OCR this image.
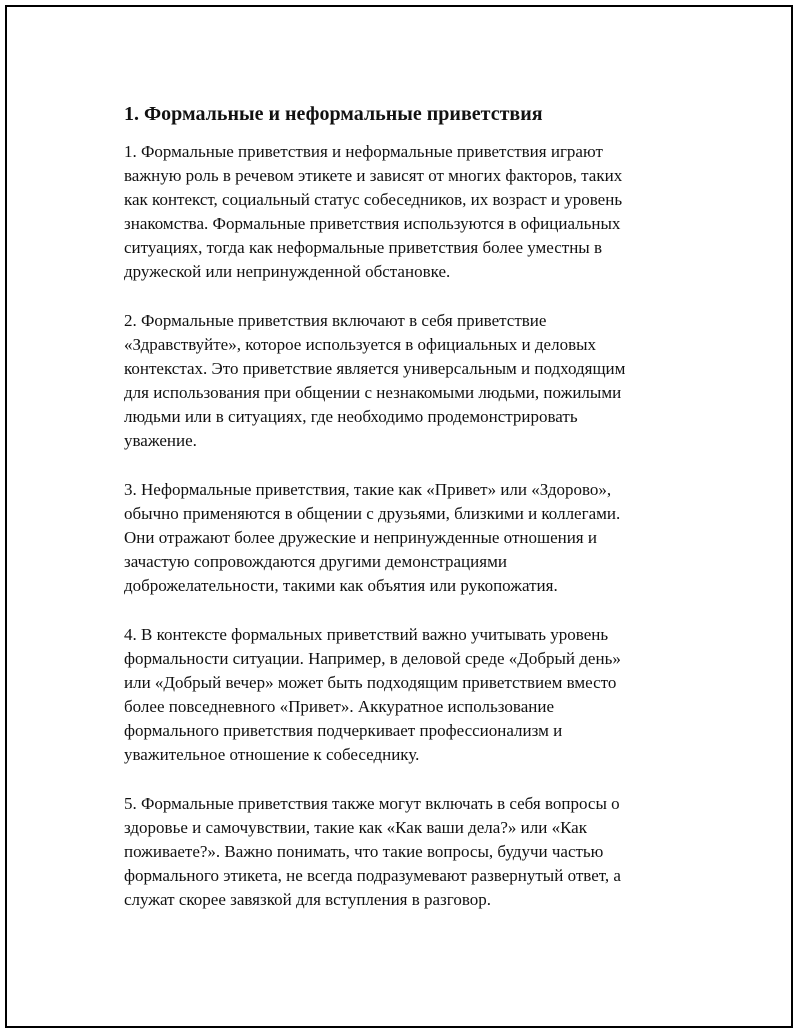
1. Формальные и неформальные приветствия

1. Формальные приветствия и неформальные приветствия играют
важную роль в речевом этикете и зависят от многих факторов, таких
как контекст, социальный статус собеседников, их возраст и уровень
знакомства. Формальные приветствия используются в официальных
ситуациях, тогда как неформальные приветствия более уместны в
дружеской или непринужденной обстановке.

2. Формальные приветствия включают в себя приветствие
«Здравствуйте», которое используется в официальных и деловых
контекстах. Это приветствие является универсальным и подходящим
для использования при общении с незнакомыми людьми, пожилыми
людьми или в ситуациях, где необходимо продемонстрировать
уважение.

3. Неформальные приветствия, такие как «Привет» или «Здорово»,
обычно применяются в общении с друзьями, близкими и коллегами.
Они отражают более дружеские и непринужденные отношения и
зачастую сопровождаются другими демонстрациями
доброжелательности, такими как объятия или рукопожатия.

4. В контексте формальных приветствий важно учитывать уровень
формальности ситуации. Например, в деловой среде «Добрый день»
или «Добрый вечер» может быть подходящим приветствием вместо
более повседневного «Привет». Аккуратное использование
формального приветствия подчеркивает профессионализм и
уважительное отношение к собеседнику.

5. Формальные приветствия также могут включать в себя вопросы о
здоровье и самочувствии, такие как «Как ваши дела?» или «Как
поживаете?». Важно понимать, что такие вопросы, будучи частью
формального этикета, не всегда подразумевают развернутый ответ, а
служат скорее завязкой для вступления в разговор.
